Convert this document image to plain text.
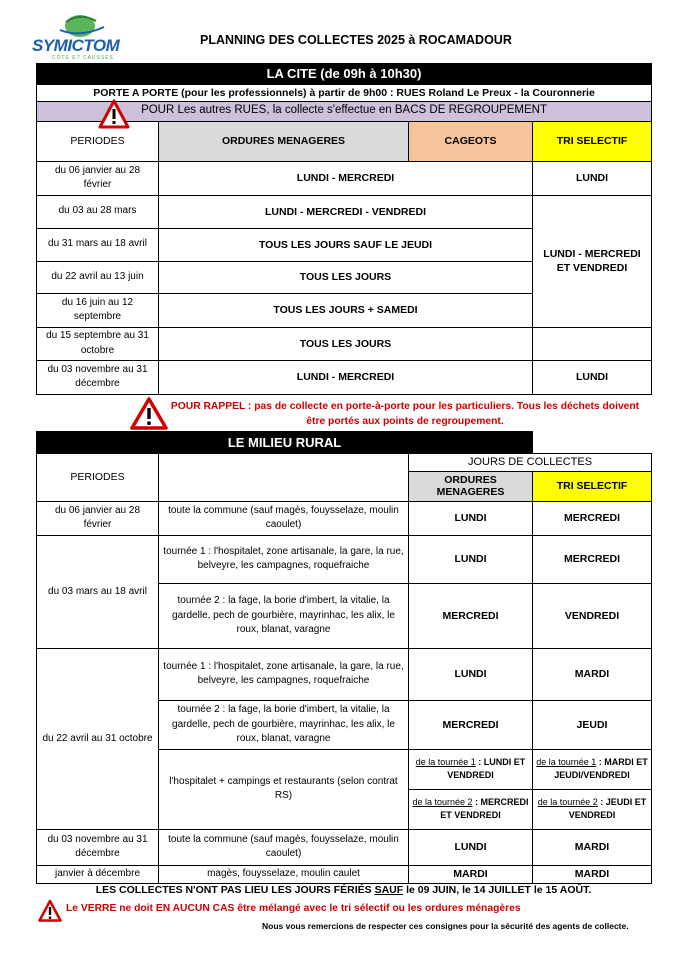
SYMICTOM
CÔTE ET CAUSSES
PLANNING DES COLLECTES 2025 à ROCAMADOUR
LA CITE (de 09h à 10h30)			
PORTE A PORTE (pour les professionnels) à partir de 9h00 : RUES Roland Le Preux - la Couronnerie			
POUR Les autres RUES, la collecte s'effectue en BACS DE REGROUPEMENT			
PERIODES	ORDURES MENAGERES	CAGEOTS	TRI SELECTIF
du 06 janvier au 28 février	LUNDI - MERCREDI		LUNDI
du 03 au 28 mars	LUNDI - MERCREDI - VENDREDI		LUNDI - MERCREDI ET VENDREDI
du 31 mars au 18 avril	TOUS LES JOURS SAUF LE JEUDI		
du 22 avril au 13 juin	TOUS LES JOURS		
du 16 juin au 12 septembre	TOUS LES JOURS + SAMEDI		
du 15 septembre au 31 octobre	TOUS LES JOURS		
du 03 novembre au 31 décembre	LUNDI - MERCREDI		LUNDI
POUR RAPPEL : pas de collecte en porte-à-porte pour les particuliers. Tous les déchets doivent être portés aux points de regroupement.
LE MILIEU RURAL			
PERIODES		JOURS DE COLLECTES	
		ORDURES MENAGERES	TRI SELECTIF
du 06 janvier au 28 février	toute la commune (sauf magès, fouysselaze, moulin caoulet)	LUNDI	MERCREDI
du 03 mars au 18 avril	tournée 1 : l'hospitalet, zone artisanale, la gare, la rue, belveyre, les campagnes, roquefraiche	LUNDI	MERCREDI
	tournée 2 : la fage, la borie d'imbert, la vitalie, la gardelle, pech de gourbière, mayrinhac, les alix, le roux, blanat, varagne	MERCREDI	VENDREDI
du 22 avril au 31 octobre	tournée 1 : l'hospitalet, zone artisanale, la gare, la rue, belveyre, les campagnes, roquefraiche	LUNDI	MARDI
	tournée 2 : la fage, la borie d'imbert, la vitalie, la gardelle, pech de gourbière, mayrinhac, les alix, le roux, blanat, varagne	MERCREDI	JEUDI
	l'hospitalet + campings et restaurants (selon contrat RS)	de la tournée 1 : LUNDI ET VENDREDI	de la tournée 1 : MARDI ET JEUDI/VENDREDI
		de la tournée 2 : MERCREDI ET VENDREDI	de la tournée 2 : JEUDI ET VENDREDI
du 03 novembre au 31 décembre	toute la commune (sauf magès, fouysselaze, moulin caoulet)	LUNDI	MARDI
janvier à décembre	magès, fouysselaze, moulin caulet	MARDI	MARDI
LES COLLECTES N'ONT PAS LIEU LES JOURS FÉRIÉS SAUF le 09 JUIN, le 14 JUILLET le 15 AOÛT.
Le VERRE ne doit EN AUCUN CAS être mélangé avec le tri sélectif ou les ordures ménagères
Nous vous remercions de respecter ces consignes pour la sécurité des agents de collecte.
